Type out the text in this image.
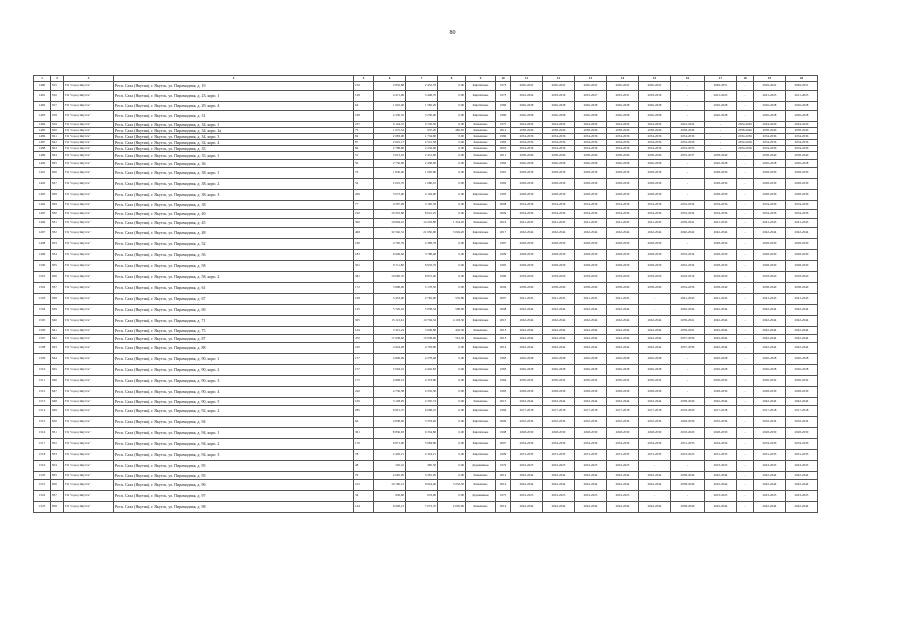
80
1	2	3	4	5	6	7	8	9	10	11	12	13	14	15	16	17	18	19	20
1480	815	ГО "город Якутск"	Респ. Саха (Якутия), г. Якутск, ул. Пирамидная, д. 19	156	4 832,88	2 452,78	0,00	Кирпичные	1973	2020-2022	2020-2022	2020-2022	2020-2022	2020-2022	-	2049-2051	-	2029-2022	2049-2051
1481	816	ГО "город Якутск"	Респ. Саха (Якутия), г. Якутск, ул. Пирамидная, д. 23, корп. 1	128	4 471,96	3 448,70	0,00	Кирпичные	1973	2022-2024	2018-2019	2025-2027	2025-2031	2018-2019	-	2021-2023	-	2021-2025	2011-2025
1482	817	ГО "город Якутск"	Респ. Саха (Якутия), г. Якутск, ул. Пирамидная, д. 29, корп. 4	64	1 922,40	1 582,20	0,00	Кирпичные	1986	2026-2028	2026-2028	2026-2028	2026-2028	2026-2028	-	2026-2028	-	2026-2028	2026-2028
1483	818	ГО "город Якутск"	Респ. Саха (Якутия), г. Якутск, ул. Пирамидная, д. 31	168	4 336,52	3 250,00	0,00	Кирпичные	1986	2026-2028	2026-2028	2026-2028	2026-2028	2026-2028	-	2026-2028	-	2026-2028	2026-2028
1484	819	ГО "город Якутск"	Респ. Саха (Якутия), г. Якутск, ул. Пирамидная, д. 34, корп. 1	237	6 144,10	4 726,50	0,00	Каменные	1975	2024-2026	2024-2026	2024-2026	2024-2026	2024-2026	2022-2024	-	2024-2026	2024-2026	2024-2026
1485	820	ГО "город Якутск"	Респ. Саха (Якутия), г. Якутск, ул. Пирамидная, д. 34, корп. 2а	75	1 675,54	937,20	482,95	Каменные	2012	2038-2040	2038-2040	2038-2040	2038-2040	2038-2040	2038-2040	-	2038-2040	2038-2040	2038-2040
1486	821	ГО "город Якутск"	Респ. Саха (Якутия), г. Якутск, ул. Пирамидная, д. 34, корп. 3	84	2 083,00	1 734,80	0,00	Каменные	1986	2034-2036	2034-2036	2034-2036	2034-2036	2034-2036	2034-2036	-	2034-2036	2034-2036	2034-2036
1487	822	ГО "город Якутск"	Респ. Саха (Якутия), г. Якутск, ул. Пирамидная, д. 34, корп. 4	87	2 601,17	2 541,58	0,00	Каменные	1985	2034-2036	2034-2036	2034-2036	2034-2036	2034-2036	2034-2036	-	2034-2036	2034-2036	2034-2036
1488	823	ГО "город Якутск"	Респ. Саха (Якутия), г. Якутск, ул. Пирамидная, д. 35	86	2 788,80	2 234,90	0,00	Каменные	2003	2034-2036	2034-2036	2034-2036	2034-2036	2034-2036	2033-2035	-	2034-2036	2034-2036	2034-2036
1489	824	ГО "город Якутск"	Респ. Саха (Якутия), г. Якутск, ул. Пирамидная, д. 35, корп. 1	51	3 013,16	2 431,60	0,00	Каменные	2011	2038-2040	2038-2040	2038-2040	2038-2040	2038-2040	2035-2037	2038-2040	-	2038-2040	2038-2040
1490	825	ГО "город Якутск"	Респ. Саха (Якутия), г. Якутск, ул. Пирамидная, д. 36	56	2 756,90	2 438,60	0,00	Каменные	1984	2026-2028	2026-2028	2026-2028	2026-2028	2026-2028	-	2026-2028	-	2026-2028	2026-2028
1491	826	ГО "город Якутск"	Респ. Саха (Якутия), г. Якутск, ул. Пирамидная, д. 38, корп. 1	79	1 830,40	1 605,80	0,00	Каменные	1981	2028-2030	2028-2030	2028-2030	2028-2030	2028-2030	-	2028-2030	-	2028-2030	2028-2030
1492	827	ГО "город Якутск"	Респ. Саха (Якутия), г. Якутск, ул. Пирамидная, д. 38, корп. 2	54	2 001,70	1 686,10	0,00	Каменные	1982	2028-2030	2028-2030	2028-2030	2028-2030	2028-2030	-	2028-2030	-	2028-2030	2028-2030
1493	828	ГО "город Якутск"	Респ. Саха (Якутия), г. Якутск, ул. Пирамидная, д. 38, корп. 3	209	5 673,60	4 194,90	0,00	Кирпичные	1983	2028-2030	2028-2030	2028-2030	2028-2030	2028-2030	-	2028-2030	-	2028-2030	2028-2030
1494	829	ГО "город Якутск"	Респ. Саха (Якутия), г. Якутск, ул. Пирамидная, д. 38	77	4 597,99	4 182,39	0,00	Каменные	2008	2034-2036	2034-2036	2034-2036	2034-2036	2034-2036	2032-2034	2034-2036	-	2034-2036	2034-2036
1495	830	ГО "город Якутск"	Респ. Саха (Якутия), г. Якутск, ул. Пирамидная, д. 40	190	10 455,80	8 641,25	0,00	Каменные	2009	2034-2036	2034-2036	2034-2036	2034-2036	2034-2036	2032-2034	2034-2036	-	2034-2036	2034-2036
1496	831	ГО "город Якутск"	Респ. Саха (Якутия), г. Якутск, ул. Пирамидная, д. 45	306	19 804,10	14 203,80	1 354,20	Каменные	2016	2041-2043	2041-2043	2041-2043	2041-2043	2041-2043	2039-2041	2041-2043	-	2041-2043	2041-2043
1497	832	ГО "город Якутск"	Респ. Саха (Якутия), г. Якутск, ул. Пирамидная, д. 48	468	32 562,31	21 950,90	3 094,20	Кирпичные	2017	2042-2044	2042-2044	2042-2044	2042-2044	2042-2044	2040-2042	2042-2044	-	2042-2044	2042-2044
1498	833	ГО "город Якутск"	Респ. Саха (Якутия), г. Якутск, ул. Пирамидная, д. 52	160	4 792,79	4 389,78	0,00	Кирпичные	1987	2028-2030	2028-2030	2028-2030	2028-2030	2028-2030	-	2028-2030	-	2028-2030	2028-2030
1499	834	ГО "город Якутск"	Респ. Саха (Якутия), г. Якутск, ул. Пирамидная, д. 56	183	9 649,60	5 788,48	0,00	Кирпичные	1999	2028-2030	2028-2030	2028-2030	2028-2030	2028-2030	2032-2034	2028-2030	-	2028-2030	2028-2030
1500	835	ГО "город Якутск"	Респ. Саха (Якутия), г. Якутск, ул. Пирамидная, д. 58	361	9 711,80	8 933,70	0,00	Кирпичные	1995	2028-2030	2028-2030	2028-2030	2028-2030	2028-2030	2032-2034	2028-2030	-	2028-2030	2028-2030
1501	836	ГО "город Якутск"	Респ. Саха (Якутия), г. Якутск, ул. Пирамидная, д. 58, корп. 2	381	10 682,70	8 872,40	0,00	Кирпичные	1999	2018-2020	2018-2020	2018-2020	2018-2020	2018-2020	2018-2019	2018-2020	-	2018-2020	2018-2020
1502	837	ГО "город Якутск"	Респ. Саха (Якутия), г. Якутск, ул. Пирамидная, д. 61	172	5 808,00	5 178,50	0,00	Кирпичные	2006	2038-2040	2038-2040	2038-2040	2038-2040	2038-2040	2034-2036	2038-2040	-	2038-2040	2038-2040
1503	838	ГО "город Якутск"	Респ. Саха (Якутия), г. Якутск, ул. Пирамидная, д. 67	108	5 453,60	2 782,90	576,80	Кирпичные	2007	2041-2043	2041-2043	2041-2043	2041-2043	-	2041-2043	2041-2043	-	2041-2043	2041-2043
1504	839	ГО "город Якутск"	Респ. Саха (Якутия), г. Якутск, ул. Пирамидная, д. 69	125	5 726,16	5 058,54	508,90	Кирпичные	2008	2042-2044	2042-2044	2042-2044	2042-2044	-	2040-2042	2042-2044	-	2042-2044	2042-2044
1505	840	ГО "город Якутск"	Респ. Саха (Якутия), г. Якутск, ул. Пирамидная, д. 71	305	15 113,61	10 794,34	4 103,30	Кирпичные	2015	2042-2044	2042-2044	2042-2044	2042-2044	2042-2044	2039-2041	2042-2044	-	2042-2044	2042-2044
1506	841	ГО "город Якутск"	Респ. Саха (Якутия), г. Якутск, ул. Пирамидная, д. 75	104	3 321,24	3 649,86	442,36	Каменные	2013	2042-2044	2042-2044	2042-2044	2042-2044	2042-2044	2039-2041	2042-2044	-	2042-2044	2042-2044
1507	842	ГО "город Якутск"	Респ. Саха (Якутия), г. Якутск, ул. Пирамидная, д. 87	470	17 658,60	13 638,90	561,30	Каменные	2013	2042-2044	2042-2044	2042-2044	2042-2044	2042-2044	2037-2039	2042-2044	-	2042-2044	2042-2044
1508	843	ГО "город Якутск"	Респ. Саха (Якутия), г. Якутск, ул. Пирамидная, д. 88	100	4 924,28	4 703,80	0,00	Кирпичные	2014	2042-2044	2042-2044	2042-2044	2042-2044	2042-2044	2037-2039	2042-2044	-	2042-2044	2042-2044
1509	844	ГО "город Якутск"	Респ. Саха (Якутия), г. Якутск, ул. Пирамидная, д. 90, корп. 1	157	4 809,09	4 278,48	0,00	Кирпичные	1983	2026-2028	2026-2028	2026-2028	2026-2028	2026-2028	-	2026-2028	-	2026-2028	2026-2028
1510	845	ГО "город Якутск"	Респ. Саха (Якутия), г. Якутск, ул. Пирамидная, д. 90, корп. 2	157	5 004,01	4 442,83	0,00	Кирпичные	1983	2026-2028	2026-2028	2026-2028	2026-2028	2026-2028	-	2026-2028	-	2026-2028	2026-2028
1511	846	ГО "город Якутск"	Респ. Саха (Якутия), г. Якутск, ул. Пирамидная, д. 90, корп. 3	175	4 848,19	4 353,80	0,00	Кирпичные	1984	2030-2032	2030-2032	2030-2032	2030-2032	2030-2032	-	2030-2032	-	2030-2032	2030-2032
1512	847	ГО "город Якутск"	Респ. Саха (Якутия), г. Якутск, ул. Пирамидная, д. 90, корп. 4	226	4 756,38	4 352,30	0,00	Кирпичные	1985	2028-2030	2028-2030	2028-2030	2028-2030	2028-2030	-	2028-2030	-	2028-2030	2028-2030
1513	848	ГО "город Якутск"	Респ. Саха (Якутия), г. Якутск, ул. Пирамидная, д. 90, корп. 5	106	3 128,95	2 345,74	0,00	Каменные	2015	2042-2044	2042-2044	2042-2044	2042-2044	2042-2044	2038-2040	2042-2044	-	2042-2044	2042-2044
1514	849	ГО "город Якутск"	Респ. Саха (Якутия), г. Якутск, ул. Пирамидная, д. 92, корп. 2	285	8 915,37	6 668,10	0,00	Кирпичные	1984	2017-2018	2017-2018	2017-2018	2017-2018	2017-2018	2018-2020	2017-2018	-	2017-2018	2017-2018
1515	850	ГО "город Якутск"	Респ. Саха (Якутия), г. Якутск, ул. Пирамидная, д. 94	66	4 838,00	3 333,20	0,00	Кирпичные	2006	2032-2034	2032-2034	2032-2034	2032-2034	2032-2034	2028-2030	2032-2034	-	2032-2034	2032-2034
1516	851	ГО "город Якутск"	Респ. Саха (Якутия), г. Якутск, ул. Пирамидная, д. 94, корп. 1	301	8 836,03	6 334,80	0,00	Кирпичные	1998	2028-2030	2028-2030	2028-2030	2028-2030	2028-2030	2018-2020	2028-2030	-	2028-2030	2028-2030
1517	852	ГО "город Якутск"	Респ. Саха (Якутия), г. Якутск, ул. Пирамидная, д. 94, корп. 2	176	6 871,90	5 684,86	0,00	Кирпичные	2007	2034-2036	2034-2036	2034-2036	2034-2036	2034-2036	2031-2033	2034-2036	-	2034-2036	2034-2036
1518	853	ГО "город Якутск"	Респ. Саха (Якутия), г. Якутск, ул. Пирамидная, д. 94, корп. 3	78	2 402,15	2 324,15	0,00	Кирпичные	1999	2031-2033	2031-2033	2031-2033	2031-2033	2031-2033	2023-2025	2031-2033	-	2031-2033	2031-2033
1519	854	ГО "город Якутск"	Респ. Саха (Якутия), г. Якутск, ул. Пирамидная, д. 95	48	526,10	485,50	0,00	Деревянные	1976	2023-2025	2023-2025	2023-2025	2023-2025	-	-	2023-2025	-	2023-2025	2023-2025
1520	855	ГО "город Якутск"	Респ. Саха (Якутия), г. Якутск, ул. Пирамидная, д. 95	76	4 665,20	3 281,20	0,00	Каменные	2012	2042-2044	2042-2044	2042-2044	2042-2044	2042-2044	2038-2040	2042-2044	-	2042-2044	2042-2044
1521	856	ГО "город Якутск"	Респ. Саха (Якутия), г. Якутск, ул. Пирамидная, д. 96	212	16 796,12	9 924,46	3 254,30	Каменные	2014	2042-2044	2042-2044	2042-2044	2042-2044	2042-2044	2038-2040	2042-2044	-	2042-2044	2042-2044
1522	857	ГО "город Якутск"	Респ. Саха (Якутия), г. Якутск, ул. Пирамидная, д. 97	34	956,60	653,00	0,00	Деревянные	1975	2023-2025	2023-2025	2023-2025	2023-2025	-	-	2023-2025	-	2023-2025	2023-2025
1523	858	ГО "город Якутск"	Респ. Саха (Якутия), г. Якутск, ул. Пирамидная, д. 98	144	9 628,21	7 073,70	2 029,90	Каменные	2014	2042-2044	2042-2044	2042-2044	2042-2044	2042-2044	2038-2040	2042-2044	-	2042-2044	2042-2044
